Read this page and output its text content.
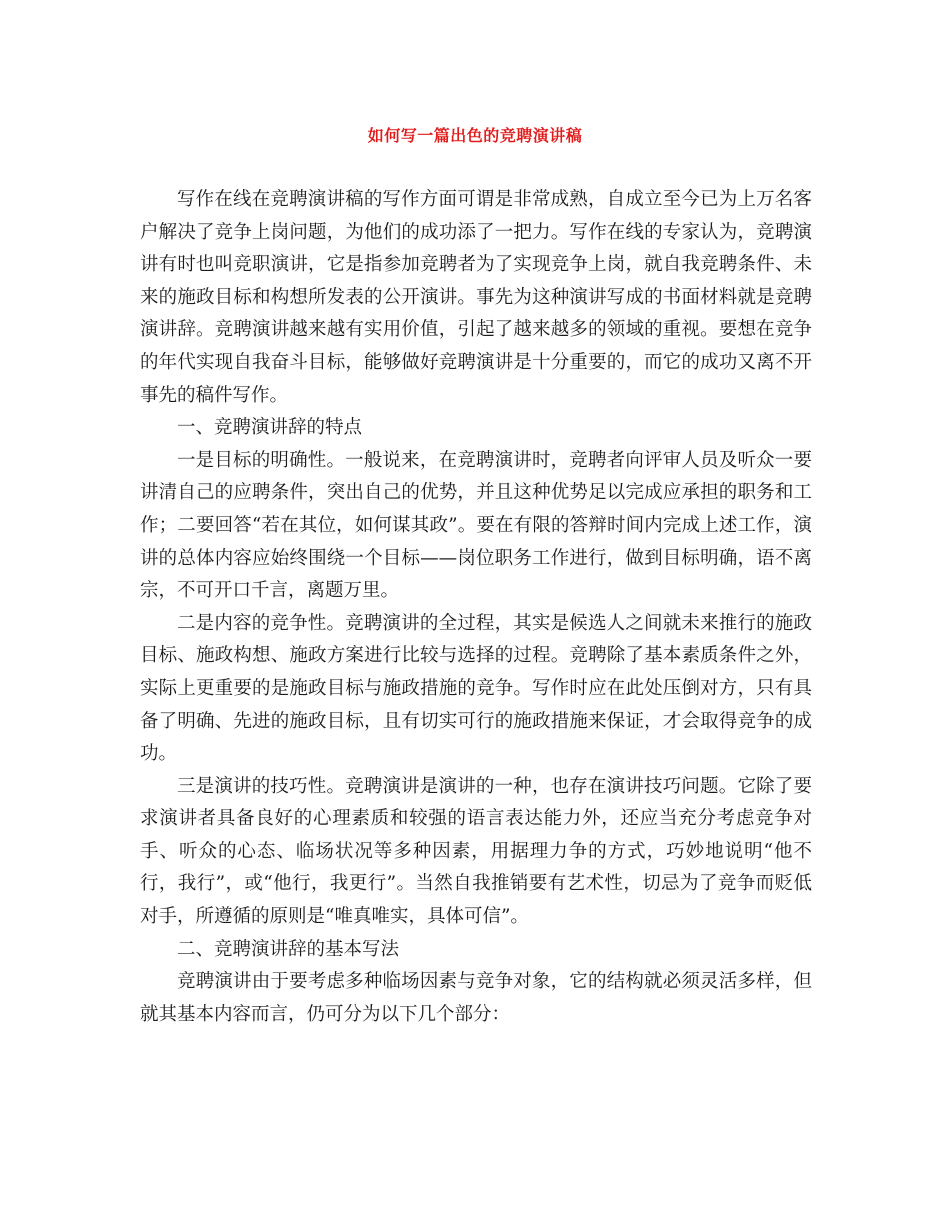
如何写一篇出色的竞聘演讲稿

写作在线在竞聘演讲稿的写作方面可谓是非常成熟，自成立至今已为上万名客户解决了竞争上岗问题，为他们的成功添了一把力。写作在线的专家认为，竞聘演讲有时也叫竞职演讲，它是指参加竞聘者为了实现竞争上岗，就自我竞聘条件、未来的施政目标和构想所发表的公开演讲。事先为这种演讲写成的书面材料就是竞聘演讲辞。竞聘演讲越来越有实用价值，引起了越来越多的领域的重视。要想在竞争的年代实现自我奋斗目标，能够做好竞聘演讲是十分重要的，而它的成功又离不开事先的稿件写作。

一、竞聘演讲辞的特点

一是目标的明确性。一般说来，在竞聘演讲时，竞聘者向评审人员及听众一要讲清自己的应聘条件，突出自己的优势，并且这种优势足以完成应承担的职务和工作；二要回答“若在其位，如何谋其政”。要在有限的答辩时间内完成上述工作，演讲的总体内容应始终围绕一个目标——岗位职务工作进行，做到目标明确，语不离宗，不可开口千言，离题万里。

二是内容的竞争性。竞聘演讲的全过程，其实是候选人之间就未来推行的施政目标、施政构想、施政方案进行比较与选择的过程。竞聘除了基本素质条件之外，实际上更重要的是施政目标与施政措施的竞争。写作时应在此处压倒对方，只有具备了明确、先进的施政目标，且有切实可行的施政措施来保证，才会取得竞争的成功。

三是演讲的技巧性。竞聘演讲是演讲的一种，也存在演讲技巧问题。它除了要求演讲者具备良好的心理素质和较强的语言表达能力外，还应当充分考虑竞争对手、听众的心态、临场状况等多种因素，用据理力争的方式，巧妙地说明“他不行，我行”，或“他行，我更行”。当然自我推销要有艺术性，切忌为了竞争而贬低对手，所遵循的原则是“唯真唯实，具体可信”。

二、竞聘演讲辞的基本写法

竞聘演讲由于要考虑多种临场因素与竞争对象，它的结构就必须灵活多样，但就其基本内容而言，仍可分为以下几个部分：
